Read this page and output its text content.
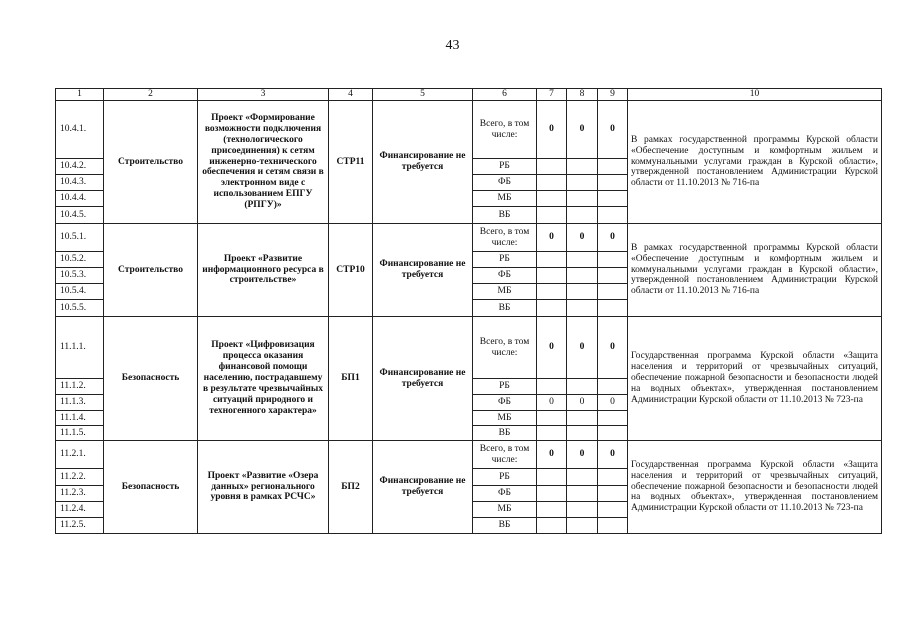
43
1	2	3	4	5	6	7	8	9	10
10.4.1.	Строительство	Проект «Формирование возможности подключения (технологического присоединения) к сетям инженерно-технического обеспечения и сетям связи в электронном виде с использованием ЕПГУ (РПГУ)»	СТР11	Финансирование не требуется	Всего, в том числе:	0	0	0	В рамках государственной программы Курской области «Обеспечение доступным и комфортным жильем и коммунальными услугами граждан в Курской области», утвержденной постановлением Администрации Курской области от 11.10.2013 № 716-па
10.4.2.					РБ				
10.4.3.					ФБ				
10.4.4.					МБ				
10.4.5.					ВБ				
10.5.1.	Строительство	Проект «Развитие информационного ресурса в строительстве»	СТР10	Финансирование не требуется	Всего, в том числе:	0	0	0	В рамках государственной программы Курской области «Обеспечение доступным и комфортным жильем и коммунальными услугами граждан в Курской области», утвержденной постановлением Администрации Курской области от 11.10.2013 № 716-па
10.5.2.					РБ				
10.5.3.					ФБ				
10.5.4.					МБ				
10.5.5.					ВБ				
11.1.1.	Безопасность	Проект «Цифровизация процесса оказания финансовой помощи населению, пострадавшему в результате чрезвычайных ситуаций природного и техногенного характера»	БП1	Финансирование не требуется	Всего, в том числе:	0	0	0	Государственная программа Курской области «Защита населения и территорий от чрезвычайных ситуаций, обеспечение пожарной безопасности и безопасности людей на водных объектах», утвержденная постановлением Администрации Курской области от 11.10.2013 № 723-па
11.1.2.					РБ				
11.1.3.					ФБ	0	0	0	
11.1.4.					МБ				
11.1.5.					ВБ				
11.2.1.	Безопасность	Проект «Развитие «Озера данных» регионального уровня в рамках РСЧС»	БП2	Финансирование не требуется	Всего, в том числе:	0	0	0	Государственная программа Курской области «Защита населения и территорий от чрезвычайных ситуаций, обеспечение пожарной безопасности и безопасности людей на водных объектах», утвержденная постановлением Администрации Курской области от 11.10.2013 № 723-па
11.2.2.					РБ				
11.2.3.					ФБ				
11.2.4.					МБ				
11.2.5.					ВБ				
